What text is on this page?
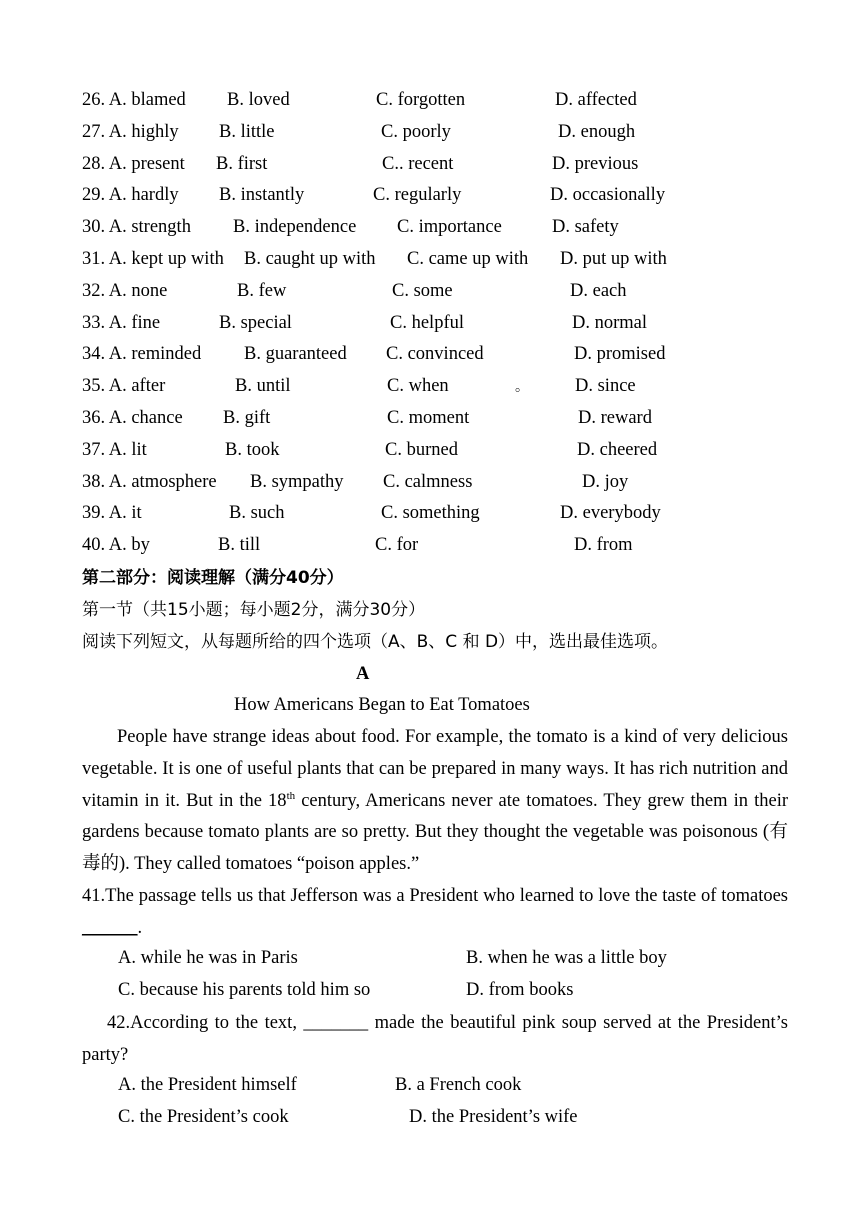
26. A. blamed B. loved	C. forgotten	D. affected
27. A. highly B. little	C. poorly	D. enough
28. A. present B. first	C.. recent	D. previous
29. A. hardly B. instantly	C. regularly	D. occasionally
30. A. strength B. independence C. importance	D. safety
31. A. kept up with B. caught up with C. came up with D. put up with
32. A. none	B. few	C. some	D. each
33. A. fine	B. special	C. helpful	D. normal
34. A. reminded B. guaranteed C. convinced	D. promised
35. A. after	B. until	C. when	D. since
。
36. A. chance B. gift	C. moment	D. reward
37. A. lit	B. took	C. burned	D. cheered
38. A. atmosphere B. sympathy C. calmness	D. joy
39. A. it	B. such	C. something	D. everybody
40. A. by	B. till	C. for	D. from
第二部分：阅读理解（满分40分）
第一节（共15小题；每小题2分，满分30分）
阅读下列短文，从每题所给的四个选项（A、B、C 和 D）中，选出最佳选项。
A
How Americans Began to Eat Tomatoes
People have strange ideas about food. For example, the tomato is a kind of very delicious vegetable. It is one of useful plants that can be prepared in many ways. It has rich nutrition and vitamin in it. But in the 18th century, Americans never ate tomatoes. They grew them in their gardens because tomato plants are so pretty. But they thought the vegetable was poisonous (有毒的). They called tomatoes “poison apples.”
41.The passage tells us that Jefferson was a President who learned to love the taste of tomatoes ______.
A. while he was in Paris	B. when he was a little boy
C. because his parents told him so	D. from books
42.According to the text, _______ made the beautiful pink soup served at the President’s party?
A. the President himself	B. a French cook
C. the President’s cook	D. the President’s wife
